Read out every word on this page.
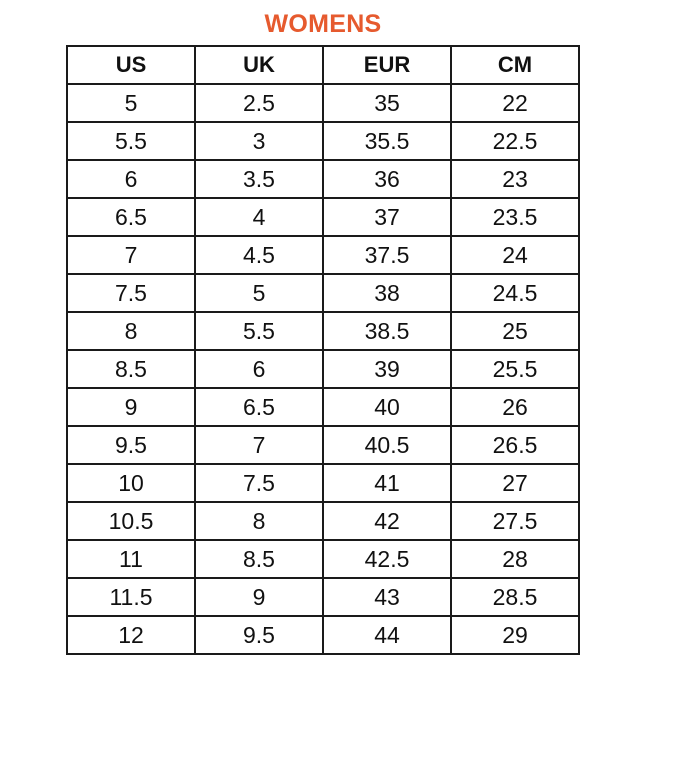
WOMENS
US	UK	EUR	CM
5	2.5	35	22
5.5	3	35.5	22.5
6	3.5	36	23
6.5	4	37	23.5
7	4.5	37.5	24
7.5	5	38	24.5
8	5.5	38.5	25
8.5	6	39	25.5
9	6.5	40	26
9.5	7	40.5	26.5
10	7.5	41	27
10.5	8	42	27.5
11	8.5	42.5	28
11.5	9	43	28.5
12	9.5	44	29
